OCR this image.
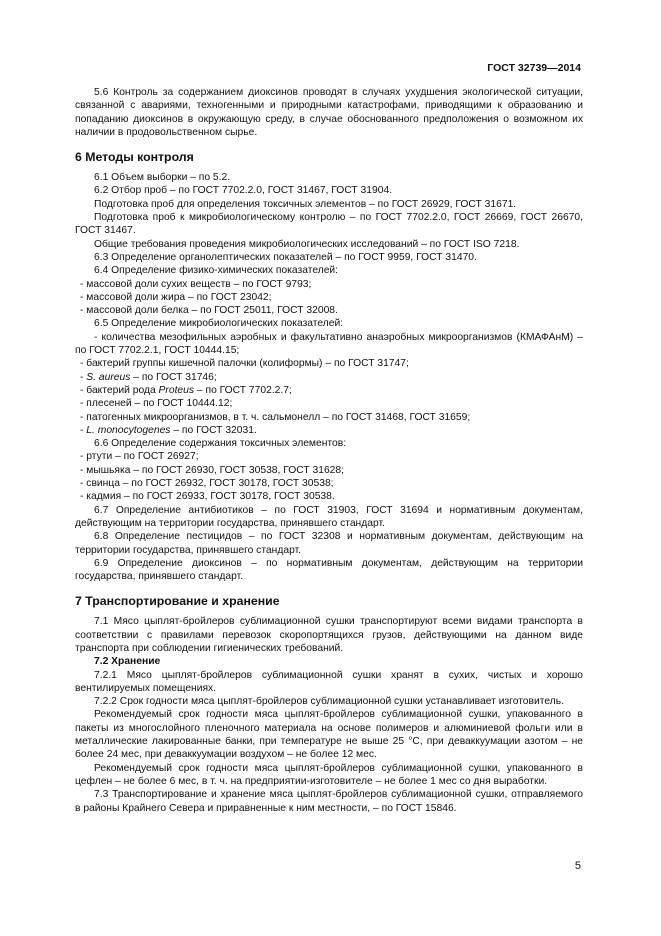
ГОСТ 32739—2014

5.6 Контроль за содержанием диоксинов проводят в случаях ухудшения экологической ситуации, связанной с авариями, техногенными и природными катастрофами, приводящими к образованию и попаданию диоксинов в окружающую среду, в случае обоснованного предположения о возможном их наличии в продовольственном сырье.

6 Методы контроля

6.1 Объем выборки – по 5.2.

6.2 Отбор проб – по ГОСТ 7702.2.0, ГОСТ 31467, ГОСТ 31904.

Подготовка проб для определения токсичных элементов – по ГОСТ 26929, ГОСТ 31671.

Подготовка проб к микробиологическому контролю – по ГОСТ 7702.2.0, ГОСТ 26669, ГОСТ 26670, ГОСТ 31467.

Общие требования проведения микробиологических исследований – по ГОСТ ISO 7218.

6.3 Определение органолептических показателей – по ГОСТ 9959, ГОСТ 31470.

6.4 Определение физико-химических показателей:

- массовой доли сухих веществ – по ГОСТ 9793;

- массовой доли жира – по ГОСТ 23042;

- массовой доли белка – по ГОСТ 25011, ГОСТ 32008.

6.5 Определение микробиологических показателей:

- количества мезофильных аэробных и факультативно анаэробных микроорганизмов (КМАФАнМ) – по ГОСТ 7702.2.1, ГОСТ 10444.15;

- бактерий группы кишечной палочки (колиформы) – по ГОСТ 31747;

- S. aureus – по ГОСТ 31746;

- бактерий рода Proteus – по ГОСТ 7702.2.7;

- плесеней – по ГОСТ 10444.12;

- патогенных микроорганизмов, в т. ч. сальмонелл – по ГОСТ 31468, ГОСТ 31659;

- L. monocytogenes – по ГОСТ 32031.

6.6 Определение содержания токсичных элементов:

- ртути – по ГОСТ 26927;

- мышьяка – по ГОСТ 26930, ГОСТ 30538, ГОСТ 31628;

- свинца – по ГОСТ 26932, ГОСТ 30178, ГОСТ 30538;

- кадмия – по ГОСТ 26933, ГОСТ 30178, ГОСТ 30538.

6.7 Определение антибиотиков – по ГОСТ 31903, ГОСТ 31694 и нормативным документам, действующим на территории государства, принявшего стандарт.

6.8 Определение пестицидов – по ГОСТ 32308 и нормативным документам, действующим на территории государства, принявшего стандарт.

6.9 Определение диоксинов – по нормативным документам, действующим на территории государства, принявшего стандарт.

7 Транспортирование и хранение

7.1 Мясо цыплят-бройлеров сублимационной сушки транспортируют всеми видами транспорта в соответствии с правилами перевозок скоропортящихся грузов, действующими на данном виде транспорта при соблюдении гигиенических требований.

7.2 Хранение

7.2.1 Мясо цыплят-бройлеров сублимационной сушки хранят в сухих, чистых и хорошо вентилируемых помещениях.

7.2.2 Срок годности мяса цыплят-бройлеров сублимационной сушки устанавливает изготовитель.

Рекомендуемый срок годности мяса цыплят-бройлеров сублимационной сушки, упакованного в пакеты из многослойного пленочного материала на основе полимеров и алюминиевой фольги или в металлические лакированные банки, при температуре не выше 25 °С, при деваккуумации азотом – не более 24 мес, при деваккуумации воздухом – не более 12 мес.

Рекомендуемый срок годности мяса цыплят-бройлеров сублимационной сушки, упакованного в цефлен – не более 6 мес, в т. ч. на предприятии-изготовителе – не более 1 мес со дня выработки.

7.3 Транспортирование и хранение мяса цыплят-бройлеров сублимационной сушки, отправляемого в районы Крайнего Севера и приравненные к ним местности, – по ГОСТ 15846.

5
